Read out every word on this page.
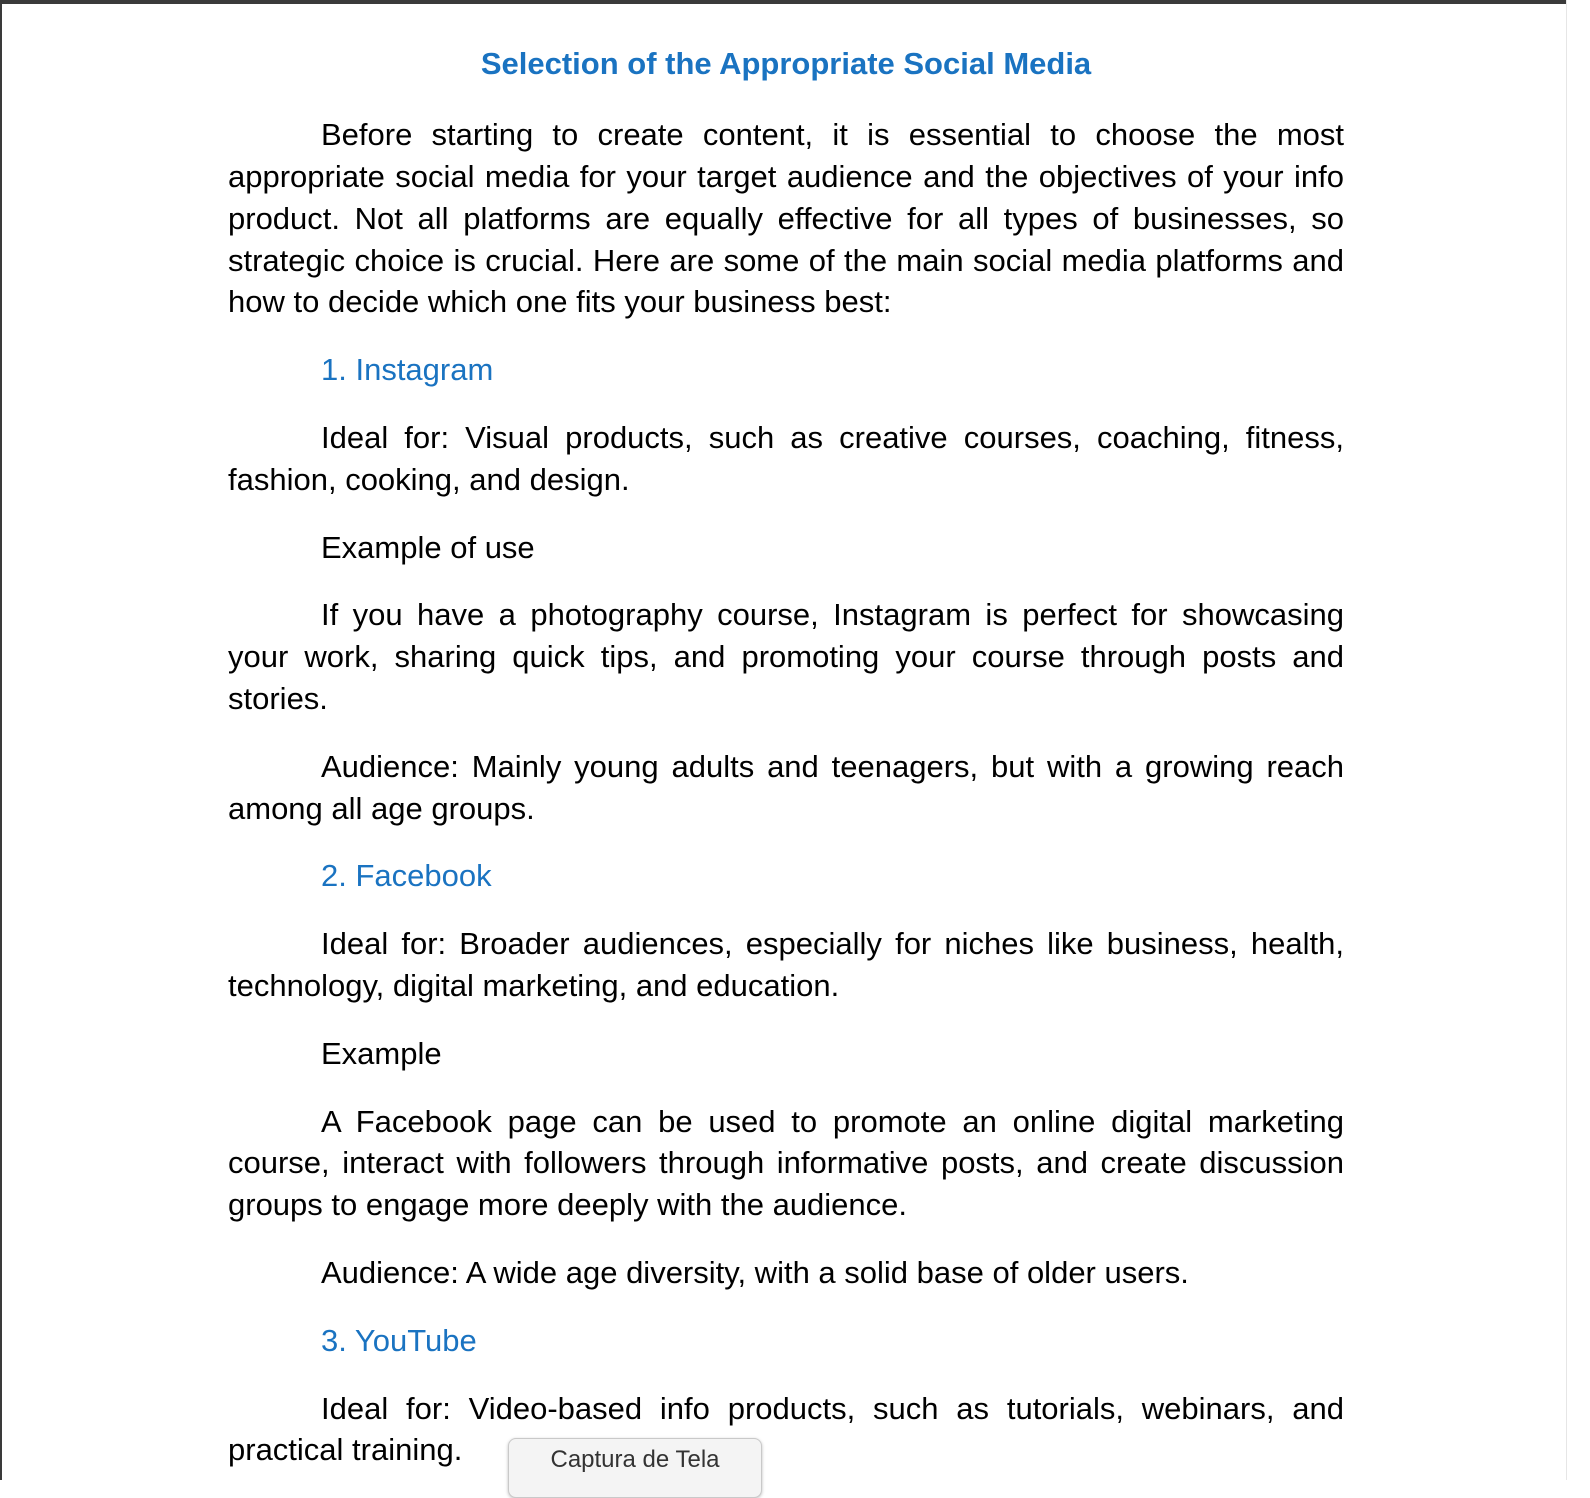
Selection of the Appropriate Social Media

Before starting to create content, it is essential to choose the most appropriate social media for your target audience and the objectives of your info product. Not all platforms are equally effective for all types of businesses, so strategic choice is crucial. Here are some of the main social media platforms and how to decide which one fits your business best:

1. Instagram

Ideal for: Visual products, such as creative courses, coaching, fitness, fashion, cooking, and design.

Example of use

If you have a photography course, Instagram is perfect for showcasing your work, sharing quick tips, and promoting your course through posts and stories.

Audience: Mainly young adults and teenagers, but with a growing reach among all age groups.

2. Facebook

Ideal for: Broader audiences, especially for niches like business, health, technology, digital marketing, and education.

Example

A Facebook page can be used to promote an online digital marketing course, interact with followers through informative posts, and create discussion groups to engage more deeply with the audience.

Audience: A wide age diversity, with a solid base of older users.

3. YouTube

Ideal for: Video-based info products, such as tutorials, webinars, and practical training.	Captura de Tela
